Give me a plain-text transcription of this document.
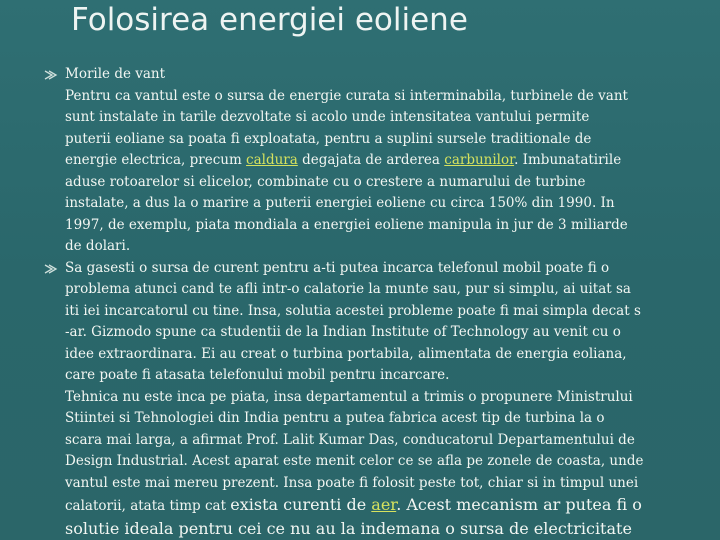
Folosirea energiei eoliene
Morile de vant
Pentru ca vantul este o sursa de energie curata si interminabila, turbinele de vant
sunt instalate in tarile dezvoltate si acolo unde intensitatea vantului permite
puterii eoliane sa poata fi exploatata, pentru a suplini sursele traditionale de
energie electrica, precum caldura degajata de arderea carbunilor. Imbunatatirile
aduse rotoarelor si elicelor, combinate cu o crestere a numarului de turbine
instalate, a dus la o marire a puterii energiei eoliene cu circa 150% din 1990. In
1997, de exemplu, piata mondiala a energiei eoliene manipula in jur de 3 miliarde
de dolari.
Sa gasesti o sursa de curent pentru a-ti putea incarca telefonul mobil poate fi o
problema atunci cand te afli intr-o calatorie la munte sau, pur si simplu, ai uitat sa
iti iei incarcatorul cu tine. Insa, solutia acestei probleme poate fi mai simpla decat s
-ar. Gizmodo spune ca studentii de la Indian Institute of Technology au venit cu o
idee extraordinara. Ei au creat o turbina portabila, alimentata de energia eoliana,
care poate fi atasata telefonului mobil pentru incarcare.
Tehnica nu este inca pe piata, insa departamentul a trimis o propunere Ministrului
Stiintei si Tehnologiei din India pentru a putea fabrica acest tip de turbina la o
scara mai larga, a afirmat Prof. Lalit Kumar Das, conducatorul Departamentului de
Design Industrial. Acest aparat este menit celor ce se afla pe zonele de coasta, unde
vantul este mai mereu prezent. Insa poate fi folosit peste tot, chiar si in timpul unei
calatorii, atata timp cat exista curenti de aer. Acest mecanism ar putea fi o
solutie ideala pentru cei ce nu au la indemana o sursa de electricitate
